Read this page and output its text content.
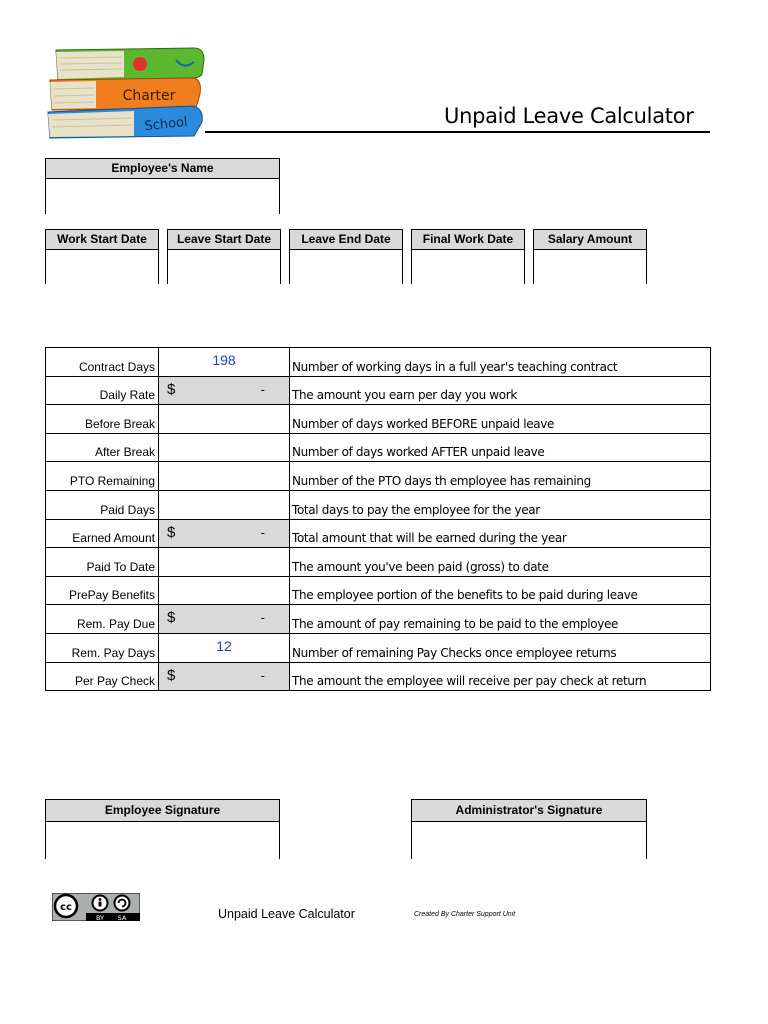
Charter
School	Unpaid Leave Calculator
Employee's Name
Work Start Date	Leave Start Date	Leave End Date	Final Work Date	Salary Amount
Contract Days	198	Number of working days in a full year's teaching contract
Daily Rate	$ -	The amount you earn per day you work
Before Break		Number of days worked BEFORE unpaid leave
After Break		Number of days worked AFTER unpaid leave
PTO Remaining		Number of the PTO days th employee has remaining
Paid Days		Total days to pay the employee for the year
Earned Amount	$ -	Total amount that will be earned during the year
Paid To Date		The amount you've been paid (gross) to date
PrePay Benefits		The employee portion of the benefits to be paid during leave
Rem. Pay Due	$ -	The amount of pay remaining to be paid to the employee
Rem. Pay Days	12	Number of remaining Pay Checks once employee returns
Per Pay Check	$ -	The amount the employee will receive per pay check at return
Employee Signature	Administrator's Signature
cc
BY SA	Unpaid Leave Calculator	Created By Charter Support Unit
